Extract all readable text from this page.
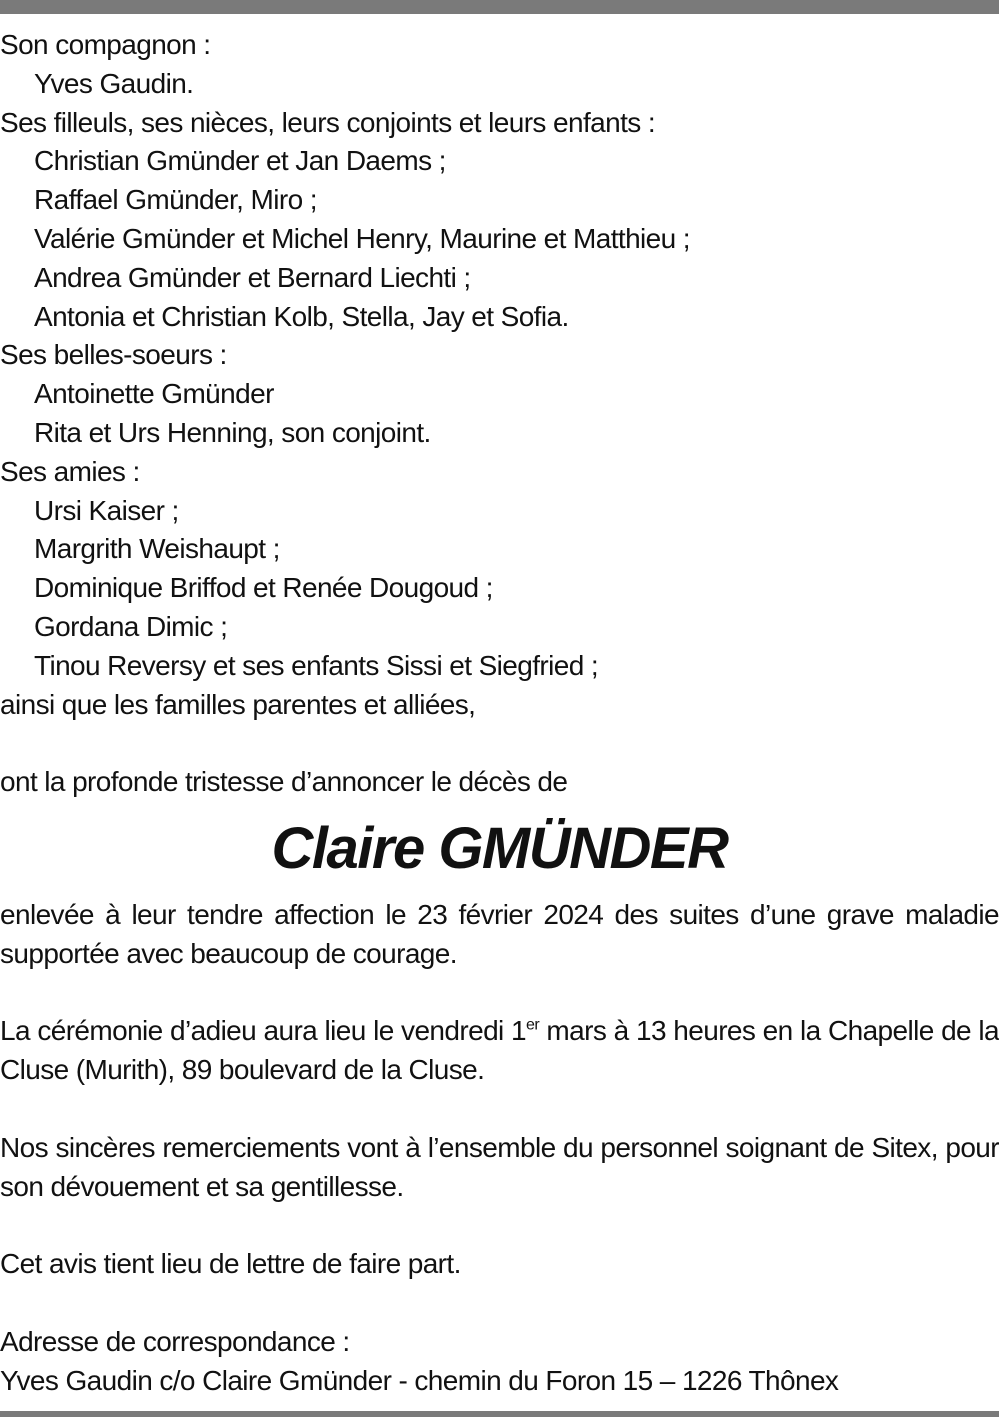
Son compagnon :
Yves Gaudin.
Ses filleuls, ses nièces, leurs conjoints et leurs enfants :
Christian Gmünder et Jan Daems ;
Raffael Gmünder, Miro ;
Valérie Gmünder et Michel Henry, Maurine et Matthieu ;
Andrea Gmünder et Bernard Liechti ;
Antonia et Christian Kolb, Stella, Jay et Sofia.
Ses belles-soeurs :
Antoinette Gmünder
Rita et Urs Henning, son conjoint.
Ses amies :
Ursi Kaiser ;
Margrith Weishaupt ;
Dominique Briffod et Renée Dougoud ;
Gordana Dimic ;
Tinou Reversy et ses enfants Sissi et Siegfried ;
ainsi que les familles parentes et alliées,
ont la profonde tristesse d’annoncer le décès de
Claire GMÜNDER
enlevée à leur tendre affection le 23 février 2024 des suites d’une grave maladie supportée avec beaucoup de courage.
La cérémonie d’adieu aura lieu le vendredi 1er mars à 13 heures en la Chapelle de la Cluse (Murith), 89 boulevard de la Cluse.
Nos sincères remerciements vont à l’ensemble du personnel soignant de Sitex, pour son dévouement et sa gentillesse.
Cet avis tient lieu de lettre de faire part.
Adresse de correspondance :
Yves Gaudin c/o Claire Gmünder - chemin du Foron 15 – 1226 Thônex
